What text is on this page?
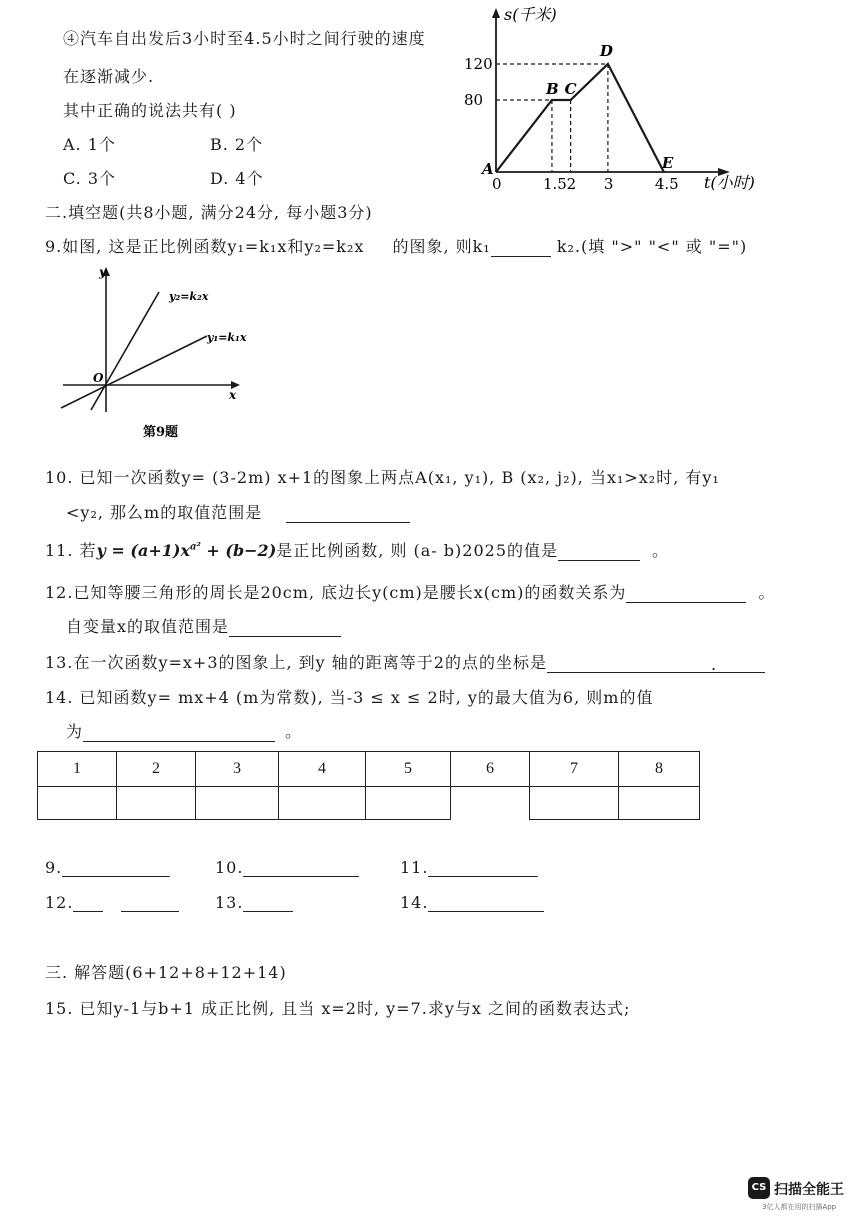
④汽车自出发后3小时至4.5小时之间行驶的速度
在逐渐减少.
其中正确的说法共有( )
A. 1个	B. 2个
C. 3个	D. 4个
s(千米)
t(小时)
120
80
0	1.5 2 3	4.5
A
B C
D
E
二.填空题(共8小题, 满分24分, 每小题3分)
9.如图, 这是正比例函数y₁=k₁x和y₂=k₂x 的图象, 则k₁	k₂.(填 ">" "<" 或 "=")
y
x
O
y₂=k₂x
y₁=k₁x
第9题
10. 已知一次函数y= (3-2m) x+1的图象上两点A(x₁, y₁), B (x₂, j₂), 当x₁>x₂时, 有y₁
<y₂, 那么m的取值范围是
11. 若$y = (a+1)x^{a^2} + (b-2)$是正比例函数, 则 (a- b)2025的值是	。
12.已知等腰三角形的周长是20cm, 底边长y(cm)是腰长x(cm)的函数关系为	。
自变量x的取值范围是
13.在一次函数y=x+3的图象上, 到y 轴的距离等于2的点的坐标是	.
14. 已知函数y= mx+4 (m为常数), 当-3 ≤ x ≤ 2时, y的最大值为6, 则m的值
为	。
1	2	3	4	5	6	7	8

9.	10.	11.
12.	13.	14.
三. 解答题(6+12+8+12+14)
15. 已知y-1与b+1 成正比例, 且当 x=2时, y=7.求y与x 之间的函数表达式;
CS 扫描全能王
3亿人都在用的扫描App
